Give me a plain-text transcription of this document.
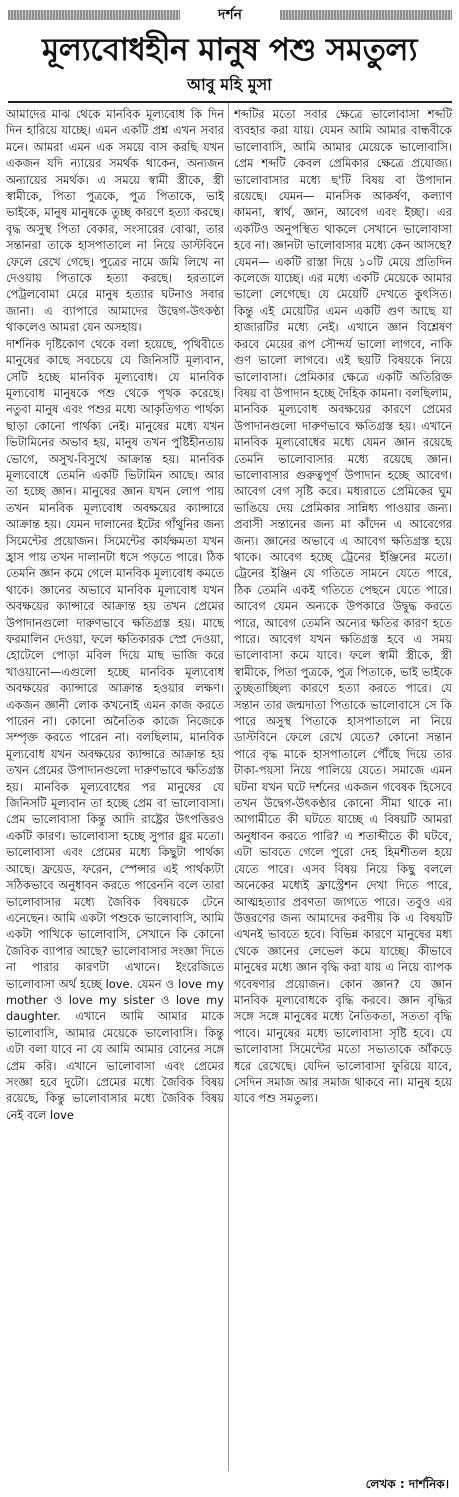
দর্শন
মূল্যবোধহীন মানুষ পশু সমতুল্য
আবু মহি মুসা

আমাদের মাঝ থেকে মানবিক মূল্যবোধ কি দিন দিন হারিয়ে যাচ্ছে। এমন একটি প্রশ্ন এখন সবার মনে। আমরা এমন এক সময়ে বাস করছি যখন একজন যদি ন্যায়ের সমর্থক থাকেন, অন্যজন অন্যায়ের সমর্থক। এ সময়ে স্বামী স্ত্রীকে, স্ত্রী স্বামীকে, পিতা পুত্রকে, পুত্র পিতাকে, ভাই ভাইকে, মানুষ মানুষকে তুচ্ছ কারণে হত্যা করছে। বৃদ্ধ অসুস্থ পিতা বেকার, সংসারের বোঝা, তার সন্তানরা তাকে হাসপাতালে না নিয়ে ডাস্টবিনে ফেলে রেখে গেছে। পুত্রের নামে জমি লিখে না দেওয়ায় পিতাকে হত্যা করছে। হরতালে পেট্রলবোমা মেরে মানুষ হত্যার ঘটনাও সবার জানা। এ ব্যাপারে আমাদের উদ্বেগ-উৎকণ্ঠা থাকলেও আমরা যেন অসহায়।

দার্শনিক দৃষ্টিকোণ থেকে বলা হয়েছে, পৃথিবীতে মানুষের কাছে সবচেয়ে যে জিনিসটি মূল্যবান, সেটি হচ্ছে মানবিক মূল্যবোধ। যে মানবিক মূল্যবোধ মানুষকে পশু থেকে পৃথক করেছে। নতুবা মানুষ এবং পশুর মধ্যে আকৃতিগত পার্থক্য ছাড়া কোনো পার্থক্য নেই। মানুষের মধ্যে যখন ভিটামিনের অভাব হয়, মানুষ তখন পুষ্টিহীনতায় ভোগে, অসুখ-বিসুখে আক্রান্ত হয়। মানবিক মূল্যবোধে তেমনি একটি ভিটামিন আছে। আর তা হচ্ছে জ্ঞান। মানুষের জ্ঞান যখন লোপ পায় তখন মানবিক মূল্যবোধ অবক্ষয়ের ক্যান্সারে আক্রান্ত হয়। যেমন দালানের ইটের গাঁথুনির জন্য সিমেন্টের প্রয়োজন। সিমেন্টের কার্যক্ষমতা যখন হ্রাস পায় তখন দালানটা ধসে পড়তে পারে। ঠিক তেমনি জ্ঞান কমে গেলে মানবিক মূল্যবোধ কমতে থাকে। জ্ঞানের অভাবে মানবিক মূল্যবোধ যখন অবক্ষয়ের ক্যান্সারে আক্রান্ত হয় তখন প্রেমের উপাদানগুলো দারুণভাবে ক্ষতিগ্রস্ত হয়। মাছে ফরমালিন দেওয়া, ফলে ক্ষতিকারক স্প্রে দেওয়া, হোটেলে পোড়া মবিল দিয়ে মাছ ভাজি করে খাওয়ানো—এগুলো হচ্ছে মানবিক মূল্যবোধ অবক্ষয়ের ক্যান্সারে আক্রান্ত হওয়ার লক্ষণ। একজন জ্ঞানী লোক কখনোই এমন কাজ করতে পারেন না। কোনো অনৈতিক কাজে নিজেকে সম্পৃক্ত করতে পারেন না। বলছিলাম, মানবিক মূল্যবোধ যখন অবক্ষয়ের ক্যান্সারে আক্রান্ত হয় তখন প্রেমের উপাদানগুলো দারুণভাবে ক্ষতিগ্রস্ত হয়। মানবিক মূল্যবোধের পর মানুষের যে জিনিসটি মূল্যবান তা হচ্ছে প্রেম বা ভালোবাসা। প্রেম ভালোবাসা কিন্তু আদি রাষ্ট্রের উৎপত্তিরও একটি কারণ। ভালোবাসা হচ্ছে সুপার গ্লুর মতো। ভালোবাসা এবং প্রেমের মধ্যে কিছুটা পার্থক্য আছে। ফ্রয়েড, ফরেন, স্পেন্সার এই পার্থক্যটা সঠিকভাবে অনুধাবন করতে পারেননি বলে তারা ভালোবাসার মধ্যে জৈবিক বিষয়কে টেনে এনেছেন। আমি একটা পশুকে ভালোবাসি, আমি একটা পাখিকে ভালোবাসি, সেখানে কি কোনো জৈবিক ব্যাপার আছে? ভালোবাসার সংজ্ঞা দিতে না পারার কারণটা এখানে। ইংরেজিতে ভালোবাসা অর্থ হচ্ছে love. যেমন ও love my mother ও love my sister ও love my daughter. এখানে আমি আমার মাকে ভালোবাসি, আমার মেয়েকে ভালোবাসি। কিন্তু এটা বলা যাবে না যে আমি আমার বোনের সঙ্গে প্রেম করি। এখানে ভালোবাসা এবং প্রেমের সংজ্ঞা হবে দুটো। প্রেমের মধ্যে জৈবিক বিষয় রয়েছে, কিন্তু ভালোবাসার মধ্যে জৈবিক বিষয় নেই বলে love

শব্দটির মতো সবার ক্ষেত্রে ভালোবাসা শব্দটি ব্যবহার করা যায়। যেমন আমি আমার বান্ধবীকে ভালোবাসি, আমি আমার মেয়েকে ভালোবাসি। প্রেম শব্দটি কেবল প্রেমিকার ক্ষেত্রে প্রযোজ্য। ভালোবাসার মধ্যে ছ'টি বিষয় বা উপাদান রয়েছে। যেমন— মানসিক আকর্ষণ, কল্যাণ কামনা, স্বার্থ, জ্ঞান, আবেগ এবং ইচ্ছা। এর একটিও অনুপস্থিত থাকলে সেখানে ভালোবাসা হবে না। জ্ঞানটা ভালোবাসার মধ্যে কেন আসছে? যেমন— একটি রাস্তা দিয়ে ১০টি মেয়ে প্রতিদিন কলেজে যাচ্ছে। এর মধ্যে একটি মেয়েকে আমার ভালো লেগেছে। যে মেয়েটি দেখতে কুৎসিত। কিন্তু এই মেয়েটির এমন একটি গুণ আছে যা হাজারটির মধ্যে নেই। এখানে জ্ঞান বিশ্লেষণ করবে মেয়ের রূপ সৌন্দর্য ভালো লাগবে, নাকি গুণ ভালো লাগবে। এই ছয়টি বিষয়কে নিয়ে ভালোবাসা। প্রেমিকার ক্ষেত্রে একটি অতিরিক্ত বিষয় বা উপাদান হচ্ছে দৈহিক কামনা। বলছিলাম, মানবিক মূল্যবোধ অবক্ষয়ের কারণে প্রেমের উপাদানগুলো দারুণভাবে ক্ষতিগ্রস্ত হয়। এখানে মানবিক মূল্যবোধের মধ্যে যেমন জ্ঞান রয়েছে তেমনি ভালোবাসার মধ্যে রয়েছে জ্ঞান। ভালোবাসার গুরুত্বপূর্ণ উপাদান হচ্ছে আবেগ। আবেগ বেগ সৃষ্টি করে। মধ্যরাতে প্রেমিকের ঘুম ভাঙিয়ে দেয় প্রেমিকার সান্নিধ্য পাওয়ার জন্য। প্রবাসী সন্তানের জন্য মা কাঁদেন এ আবেগের জন্য। জ্ঞানের অভাবে এ আবেগ ক্ষতিগ্রস্ত হয়ে থাকে। আবেগ হচ্ছে ট্রেনের ইঞ্জিনের মতো। ট্রেনের ইঞ্জিন যে গতিতে সামনে যেতে পারে, ঠিক তেমনি একই গতিতে পেছনে যেতে পারে। আবেগ যেমন অন্যকে উপকারে উদ্বুদ্ধ করতে পারে, আবেগ তেমনি অন্যের ক্ষতির কারণ হতে পারে। আবেগ যখন ক্ষতিগ্রস্ত হবে এ সময় ভালোবাসা কমে যাবে। ফলে স্বামী স্ত্রীকে, স্ত্রী স্বামীকে, পিতা পুত্রকে, পুত্র পিতাকে, ভাই ভাইকে তুচ্ছতাচ্ছিল্য কারণে হত্যা করতে পারে। যে সন্তান তার জন্মদাতা পিতাকে ভালোবাসে সে কি পারে অসুস্থ পিতাকে হাসপাতালে না নিয়ে ডাস্টবিনে ফেলে রেখে যেতে? কোনো সন্তান পারে বৃদ্ধ মাকে হাসপাতালে পৌঁছে দিয়ে তার টাকা-পয়সা নিয়ে পালিয়ে যেতে। সমাজে এমন ঘটনা যখন ঘটে দর্শনের একজন গবেষক হিসেবে তখন উদ্বেগ-উৎকণ্ঠার কোনো সীমা থাকে না। আগামীতে কী ঘটতে যাচ্ছে এ বিষয়টি আমরা অনুধাবন করতে পারি? এ শতাব্দীতে কী ঘটবে, এটা ভাবতে গেলে পুরো দেহ হিমশীতল হয়ে যেতে পারে। এসব বিষয় নিয়ে কিছু বললে অনেকের মধ্যেই ফ্রাস্ট্রেশন দেখা দিতে পারে, আত্মহত্যার প্রবণতা জাগতে পারে। তবুও এর উত্তরণের জন্য আমাদের করণীয় কি এ বিষয়টি এখনই ভাবতে হবে। বিভিন্ন কারণে মানুষের মধ্য থেকে জ্ঞানের লেভেল কমে যাচ্ছে। কীভাবে মানুষের মধ্যে জ্ঞান বৃদ্ধি করা যায় এ নিয়ে ব্যাপক গবেষণার প্রয়োজন। কোন জ্ঞান? যে জ্ঞান মানবিক মূল্যবোধকে বৃদ্ধি করবে। জ্ঞান বৃদ্ধির সঙ্গে সঙ্গে মানুষের মধ্যে নৈতিকতা, সততা বৃদ্ধি পাবে। মানুষের মধ্যে ভালোবাসা সৃষ্টি হবে। যে ভালোবাসা সিমেন্টের মতো সভ্যতাকে আঁকড়ে ধরে রেখেছে। যেদিন ভালোবাসা ফুরিয়ে যাবে, সেদিন সমাজ আর সমাজ থাকবে না। মানুষ হয়ে যাবে পশু সমতুল্য।

লেখক : দার্শনিক।
